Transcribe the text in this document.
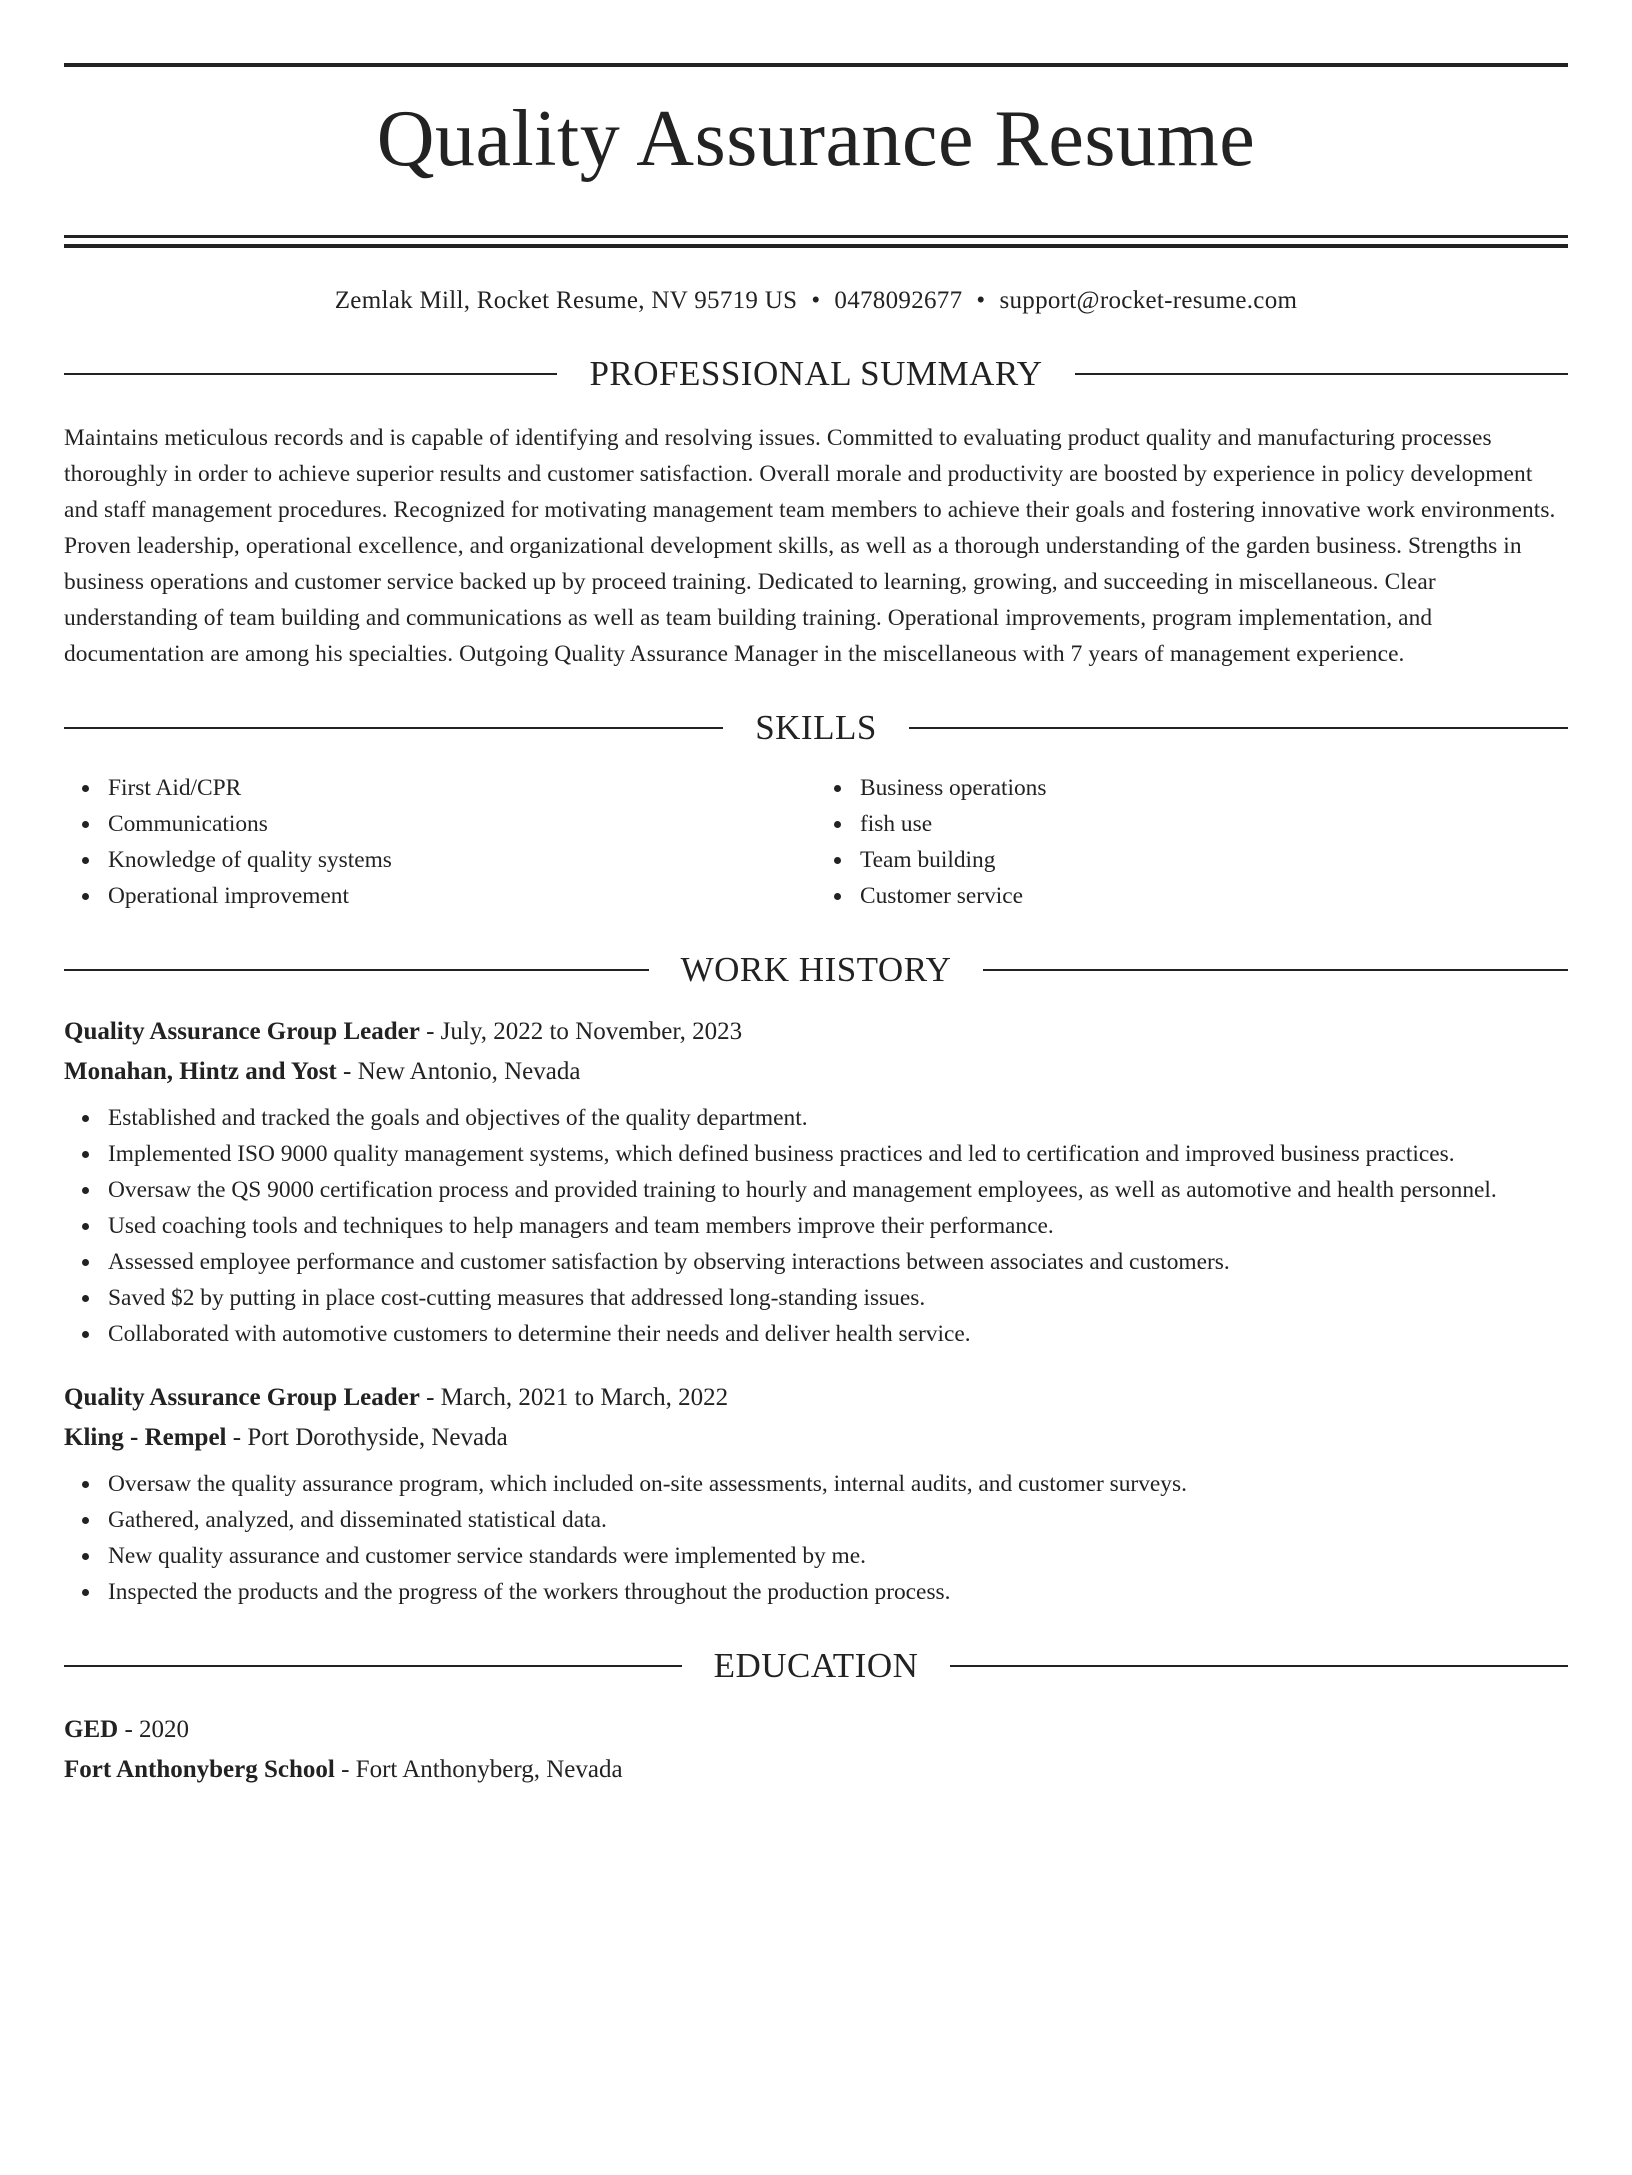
Quality Assurance Resume
Zemlak Mill, Rocket Resume, NV 95719 US • 0478092677 • support@rocket-resume.com
PROFESSIONAL SUMMARY

Maintains meticulous records and is capable of identifying and resolving issues. Committed to evaluating product quality and manufacturing processes thoroughly in order to achieve superior results and customer satisfaction. Overall morale and productivity are boosted by experience in policy development and staff management procedures. Recognized for motivating management team members to achieve their goals and fostering innovative work environments. Proven leadership, operational excellence, and organizational development skills, as well as a thorough understanding of the garden business. Strengths in business operations and customer service backed up by proceed training. Dedicated to learning, growing, and succeeding in miscellaneous. Clear understanding of team building and communications as well as team building training. Operational improvements, program implementation, and documentation are among his specialties. Outgoing Quality Assurance Manager in the miscellaneous with 7 years of management experience.

SKILLS
First Aid/CPR
Communications
Knowledge of quality systems
Operational improvement
Business operations
fish use
Team building
Customer service
WORK HISTORY
Quality Assurance Group Leader - July, 2022 to November, 2023
Monahan, Hintz and Yost - New Antonio, Nevada
Established and tracked the goals and objectives of the quality department.
Implemented ISO 9000 quality management systems, which defined business practices and led to certification and improved business practices.
Oversaw the QS 9000 certification process and provided training to hourly and management employees, as well as automotive and health personnel.
Used coaching tools and techniques to help managers and team members improve their performance.
Assessed employee performance and customer satisfaction by observing interactions between associates and customers.
Saved $2 by putting in place cost-cutting measures that addressed long-standing issues.
Collaborated with automotive customers to determine their needs and deliver health service.
Quality Assurance Group Leader - March, 2021 to March, 2022
Kling - Rempel - Port Dorothyside, Nevada
Oversaw the quality assurance program, which included on-site assessments, internal audits, and customer surveys.
Gathered, analyzed, and disseminated statistical data.
New quality assurance and customer service standards were implemented by me.
Inspected the products and the progress of the workers throughout the production process.
EDUCATION
GED - 2020
Fort Anthonyberg School - Fort Anthonyberg, Nevada
